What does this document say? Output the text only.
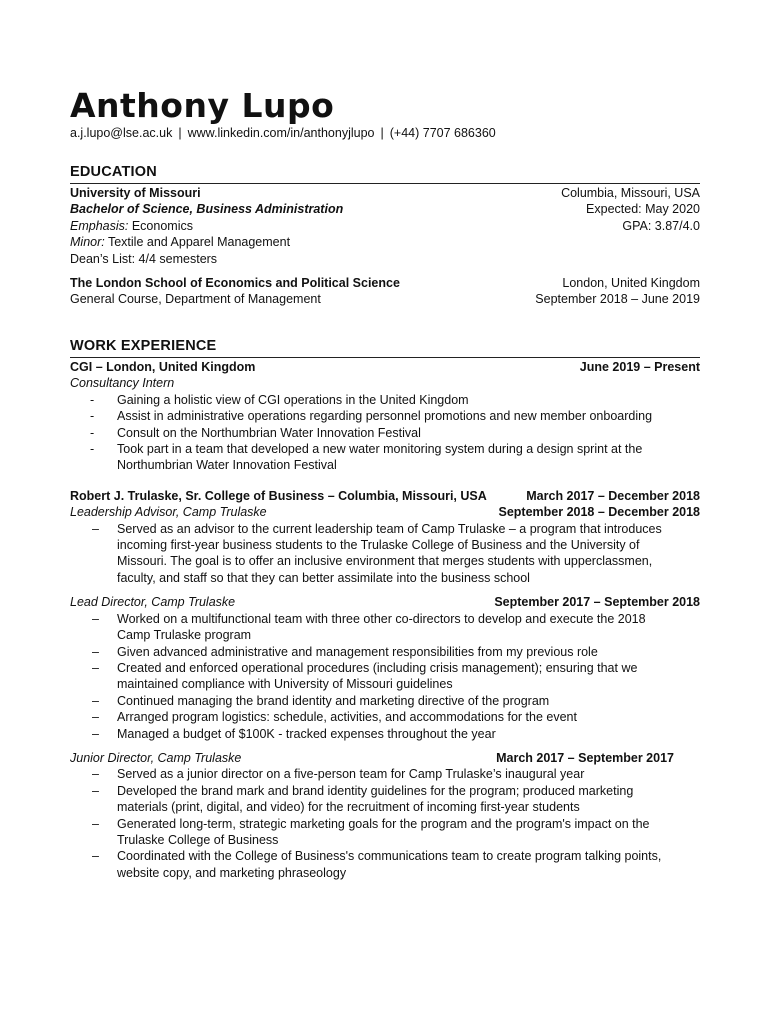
Anthony Lupo
a.j.lupo@lse.ac.uk | www.linkedin.com/in/anthonyjlupo | (+44) 7707 686360
EDUCATION
University of Missouri	Columbia, Missouri, USA
Bachelor of Science, Business Administration	Expected: May 2020
Emphasis: Economics	GPA: 3.87/4.0
Minor: Textile and Apparel Management
Dean’s List: 4/4 semesters
The London School of Economics and Political Science	London, United Kingdom
General Course, Department of Management	September 2018 – June 2019
WORK EXPERIENCE
CGI – London, United Kingdom	June 2019 – Present
Consultancy Intern
- Gaining a holistic view of CGI operations in the United Kingdom
- Assist in administrative operations regarding personnel promotions and new member onboarding
- Consult on the Northumbrian Water Innovation Festival
- Took part in a team that developed a new water monitoring system during a design sprint at the
Northumbrian Water Innovation Festival
Robert J. Trulaske, Sr. College of Business – Columbia, Missouri, USA	March 2017 – December 2018
Leadership Advisor, Camp Trulaske	September 2018 – December 2018
– Served as an advisor to the current leadership team of Camp Trulaske – a program that introduces
incoming first-year business students to the Trulaske College of Business and the University of
Missouri. The goal is to offer an inclusive environment that merges students with upperclassmen,
faculty, and staff so that they can better assimilate into the business school
Lead Director, Camp Trulaske	September 2017 – September 2018
– Worked on a multifunctional team with three other co-directors to develop and execute the 2018
Camp Trulaske program
– Given advanced administrative and management responsibilities from my previous role
– Created and enforced operational procedures (including crisis management); ensuring that we
maintained compliance with University of Missouri guidelines
– Continued managing the brand identity and marketing directive of the program
– Arranged program logistics: schedule, activities, and accommodations for the event
– Managed a budget of $100K - tracked expenses throughout the year
Junior Director, Camp Trulaske	March 2017 – September 2017
– Served as a junior director on a five-person team for Camp Trulaske’s inaugural year
– Developed the brand mark and brand identity guidelines for the program; produced marketing
materials (print, digital, and video) for the recruitment of incoming first-year students
– Generated long-term, strategic marketing goals for the program and the program's impact on the
Trulaske College of Business
– Coordinated with the College of Business's communications team to create program talking points,
website copy, and marketing phraseology
